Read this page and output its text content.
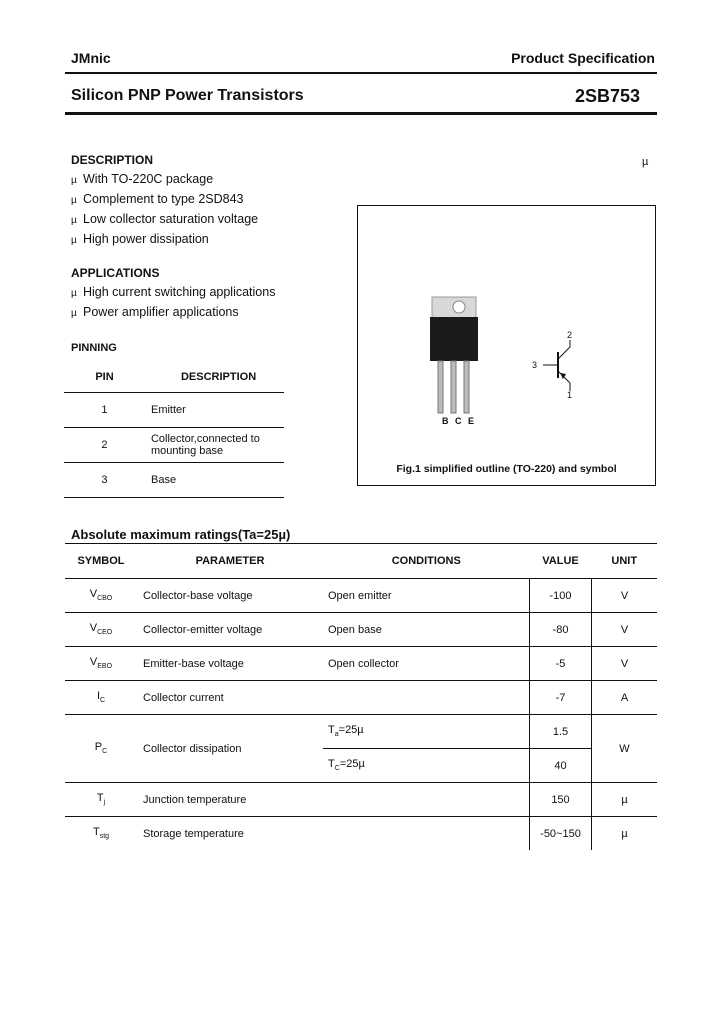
JMnic	Product Specification
Silicon PNP Power Transistors	2SB753
DESCRIPTION	µ
µ With TO-220C package
µ Complement to type 2SD843
µ Low collector saturation voltage
µ High power dissipation
APPLICATIONS
µ High current switching applications
µ Power amplifier applications
PINNING
PIN	DESCRIPTION
1	Emitter
2	Collector,connected to mounting base
3	Base
B C E
3
2
1
Fig.1 simplified outline (TO-220) and symbol
Absolute maximum ratings(Ta=25µ)
SYMBOL	PARAMETER	CONDITIONS	VALUE	UNIT
$V_{CBO}$	Collector-base voltage	Open emitter	-100	V
$V_{CEO}$	Collector-emitter voltage	Open base	-80	V
$V_{EBO}$	Emitter-base voltage	Open collector	-5	V
$I_C$	Collector current		-7	A
$P_C$	Collector dissipation	$T_a=25\mu$	1.5	W
		$T_C=25\mu$	40	
$T_j$	Junction temperature		150	µ
$T_{stg}$	Storage temperature		-50~150	µ
